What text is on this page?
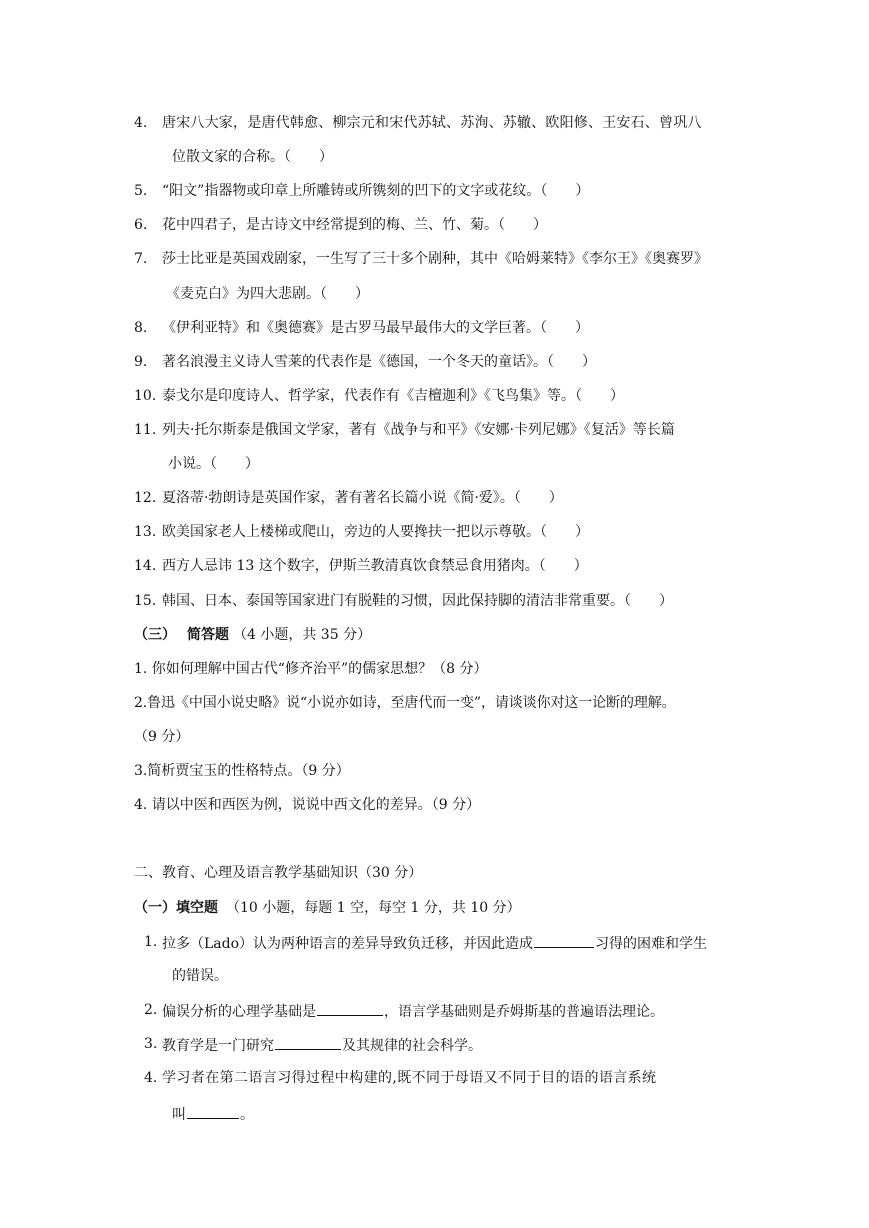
4. 唐宋八大家，是唐代韩愈、柳宗元和宋代苏轼、苏洵、苏辙、欧阳修、王安石、曾巩八
位散文家的合称。（　　）
5. “阳文”指器物或印章上所雕铸或所镌刻的凹下的文字或花纹。（　　）
6. 花中四君子，是古诗文中经常提到的梅、兰、竹、菊。（　　）
7. 莎士比亚是英国戏剧家，一生写了三十多个剧种，其中《哈姆莱特》《李尔王》《奥赛罗》
《麦克白》为四大悲剧。（　　）
8. 《伊利亚特》和《奥德赛》是古罗马最早最伟大的文学巨著。（　　）
9. 著名浪漫主义诗人雪莱的代表作是《德国，一个冬天的童话》。（　　）
10. 泰戈尔是印度诗人、哲学家，代表作有《吉檀迦利》《飞鸟集》等。（　　）
11. 列夫·托尔斯泰是俄国文学家，著有《战争与和平》《安娜·卡列尼娜》《复活》等长篇
小说。（　　）
12. 夏洛蒂·勃朗诗是英国作家，著有著名长篇小说《简·爱》。（　　）
13. 欧美国家老人上楼梯或爬山，旁边的人要搀扶一把以示尊敬。（　　）
14. 西方人忌讳 13 这个数字，伊斯兰教清真饮食禁忌食用猪肉。（　　）
15. 韩国、日本、泰国等国家进门有脱鞋的习惯，因此保持脚的清洁非常重要。（　　）
（三） 简答题 （4 小题，共 35 分）
1. 你如何理解中国古代“修齐治平”的儒家思想？（8 分）
2.鲁迅《中国小说史略》说“小说亦如诗，至唐代而一变”，请谈谈你对这一论断的理解。
（9 分）
3.简析贾宝玉的性格特点。（9 分）
4. 请以中医和西医为例，说说中西文化的差异。（9 分）
二、教育、心理及语言教学基础知识（30 分）
（一）填空题 （10 小题，每题 1 空，每空 1 分，共 10 分）
1. 拉多（Lado）认为两种语言的差异导致负迁移，并因此造成	习得的困难和学生
的错误。
2. 偏误分析的心理学基础是	，语言学基础则是乔姆斯基的普遍语法理论。
3. 教育学是一门研究	及其规律的社会科学。
4. 学习者在第二语言习得过程中构建的,既不同于母语又不同于目的语的语言系统
叫	。
